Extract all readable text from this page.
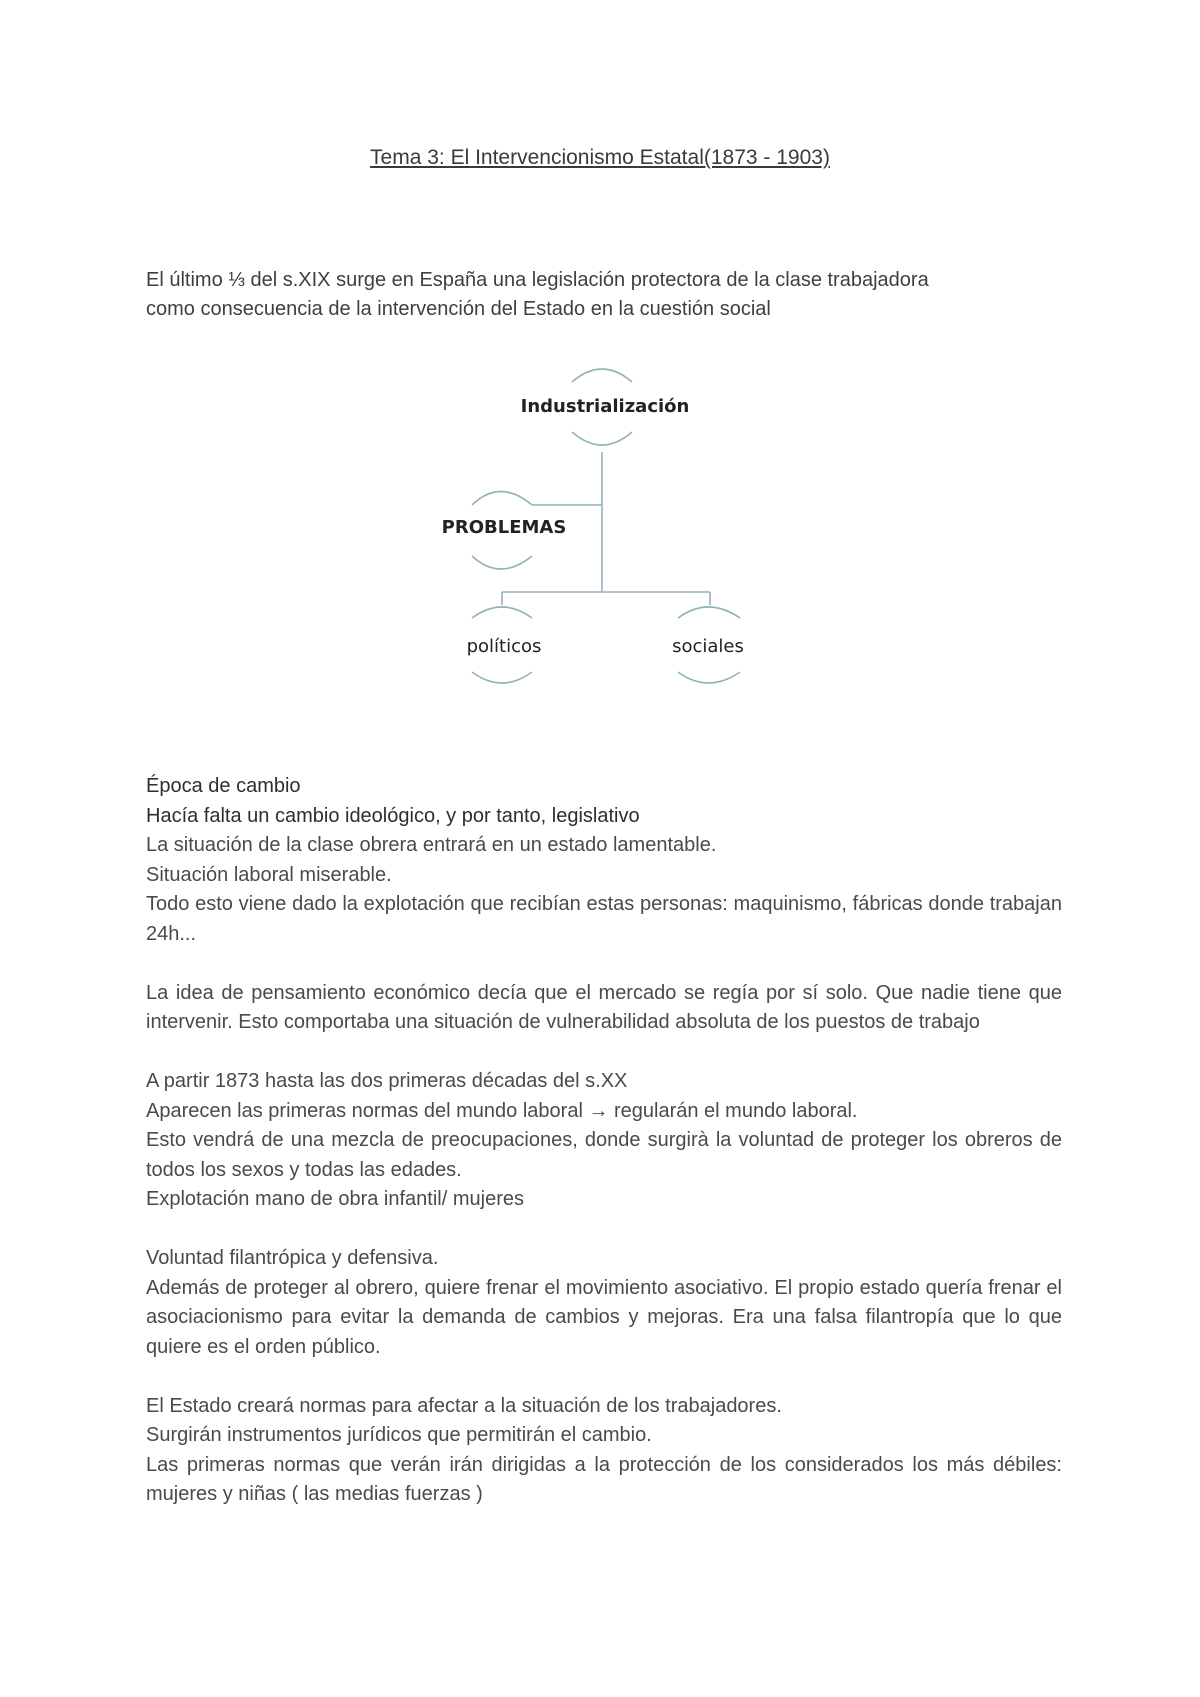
Tema 3: El Intervencionismo Estatal(1873 - 1903)

El último ⅓ del s.XIX surge en España una legislación protectora de la clase trabajadora

como consecuencia de la intervención del Estado en la cuestión social

Industrialización
PROBLEMAS
políticos	sociales

Época de cambio

Hacía falta un cambio ideológico, y por tanto, legislativo

La situación de la clase obrera entrará en un estado lamentable.

Situación laboral miserable.

Todo esto viene dado la explotación que recibían estas personas: maquinismo, fábricas donde trabajan 24h...

La idea de pensamiento económico decía que el mercado se regía por sí solo. Que nadie tiene que intervenir. Esto comportaba una situación de vulnerabilidad absoluta de los puestos de trabajo

A partir 1873 hasta las dos primeras décadas del s.XX

Aparecen las primeras normas del mundo laboral → regularán el mundo laboral.

Esto vendrá de una mezcla de preocupaciones, donde surgirà la voluntad de proteger los obreros de todos los sexos y todas las edades.

Explotación mano de obra infantil/ mujeres

Voluntad filantrópica y defensiva.

Además de proteger al obrero, quiere frenar el movimiento asociativo. El propio estado quería frenar el asociacionismo para evitar la demanda de cambios y mejoras. Era una falsa filantropía que lo que quiere es el orden público.

El Estado creará normas para afectar a la situación de los trabajadores.

Surgirán instrumentos jurídicos que permitirán el cambio.

Las primeras normas que verán irán dirigidas a la protección de los considerados los más débiles: mujeres y niñas ( las medias fuerzas )
